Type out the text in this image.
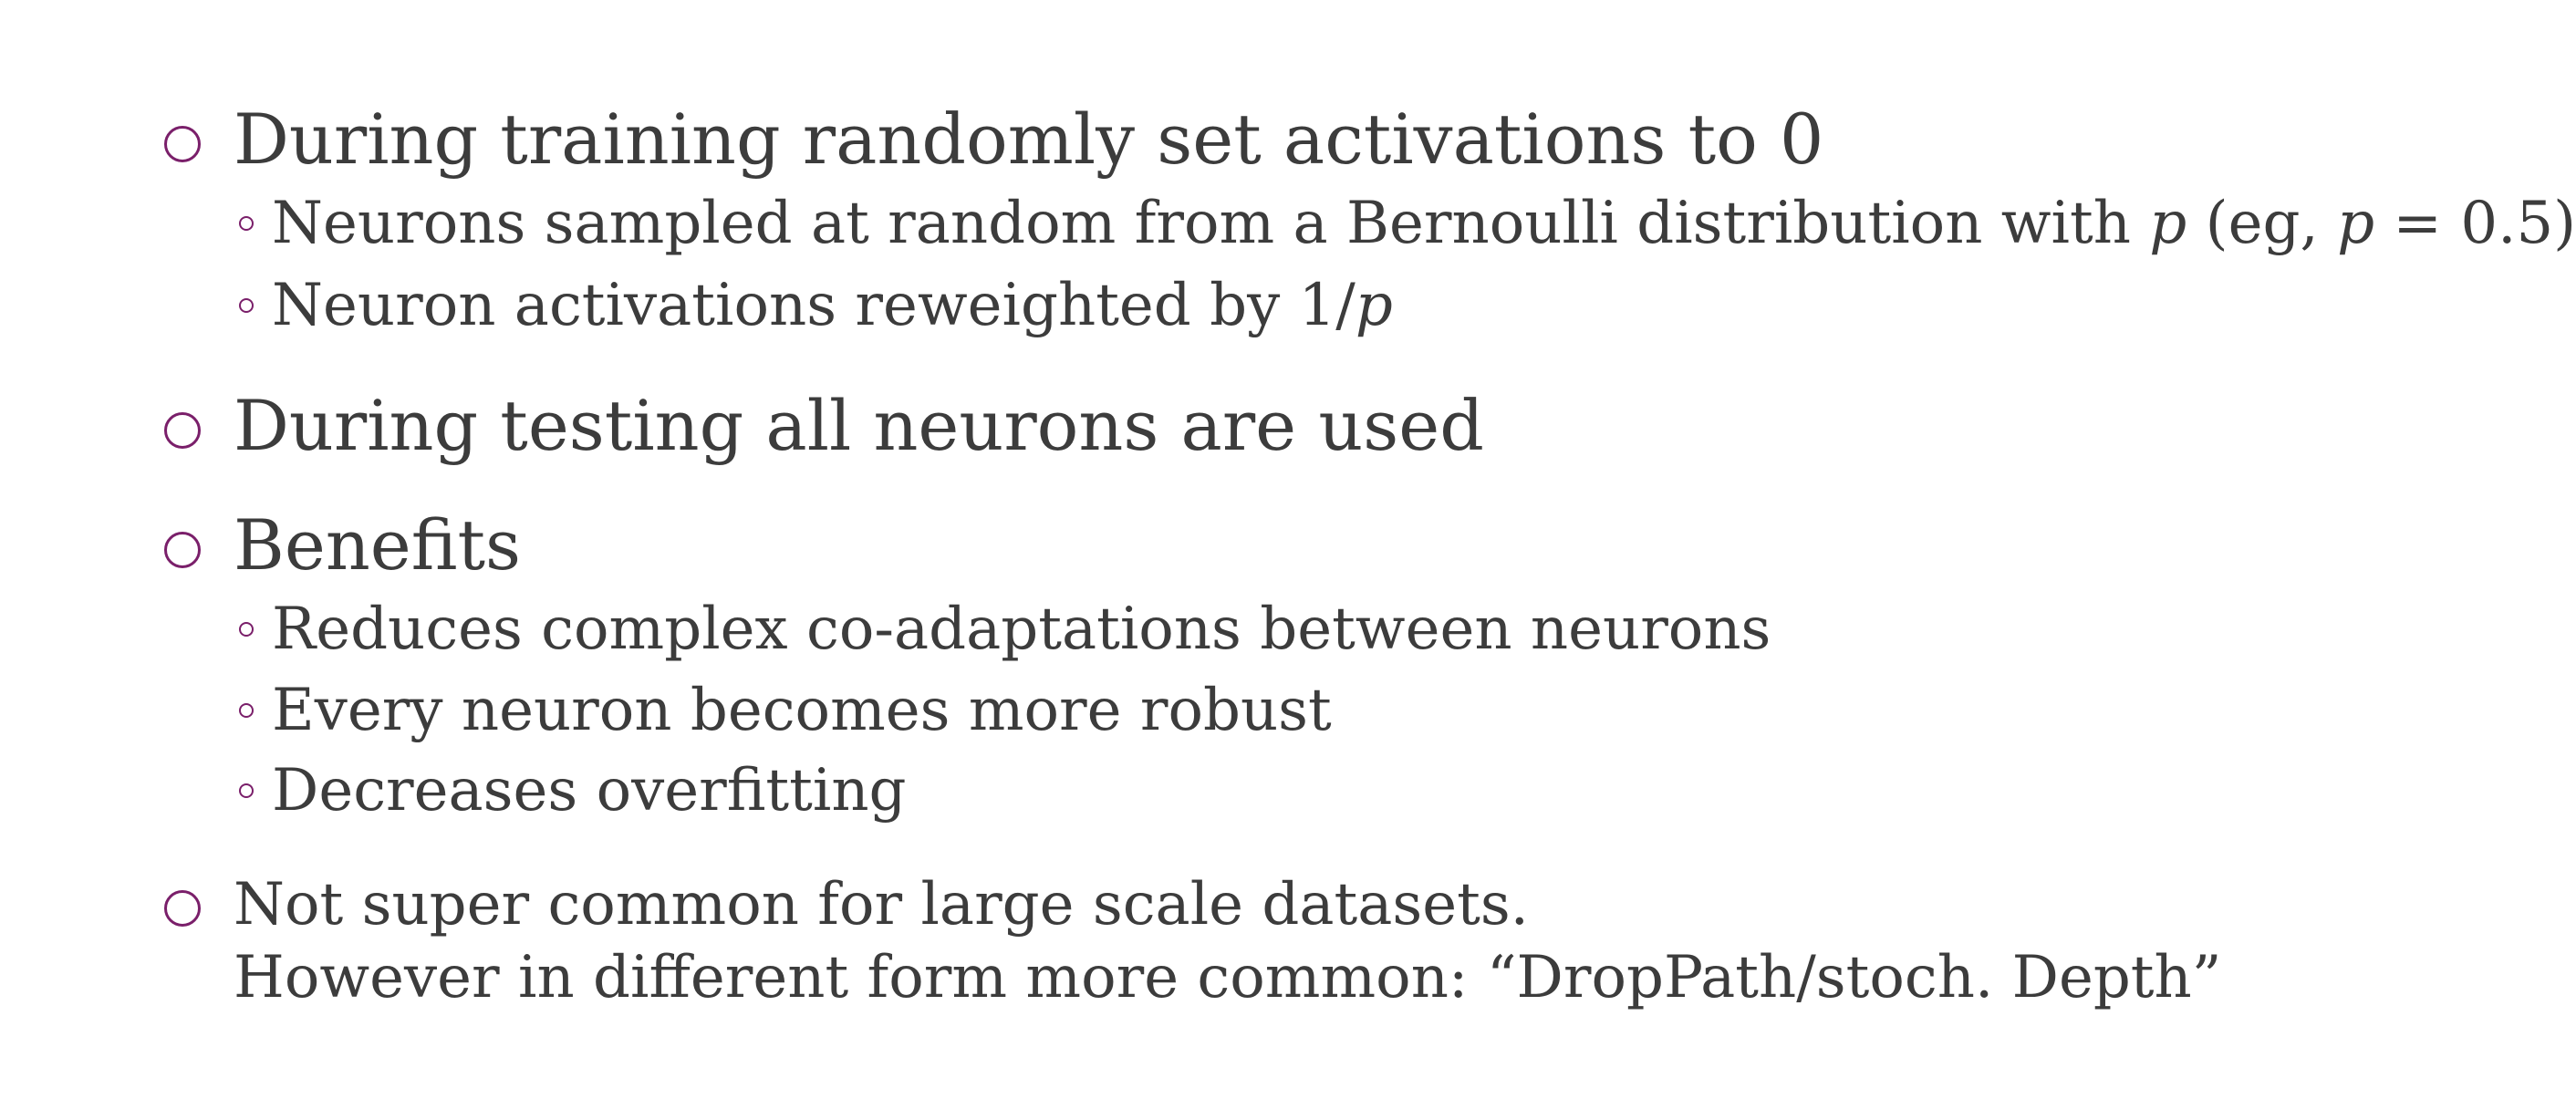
During training randomly set activations to 0
Neurons sampled at random from a Bernoulli distribution with p (eg, p = 0.5)
Neuron activations reweighted by 1/p
During testing all neurons are used
Benefits
Reduces complex co-adaptations between neurons
Every neuron becomes more robust
Decreases overfitting
Not super common for large scale datasets.
However in different form more common: “DropPath/stoch. Depth”
